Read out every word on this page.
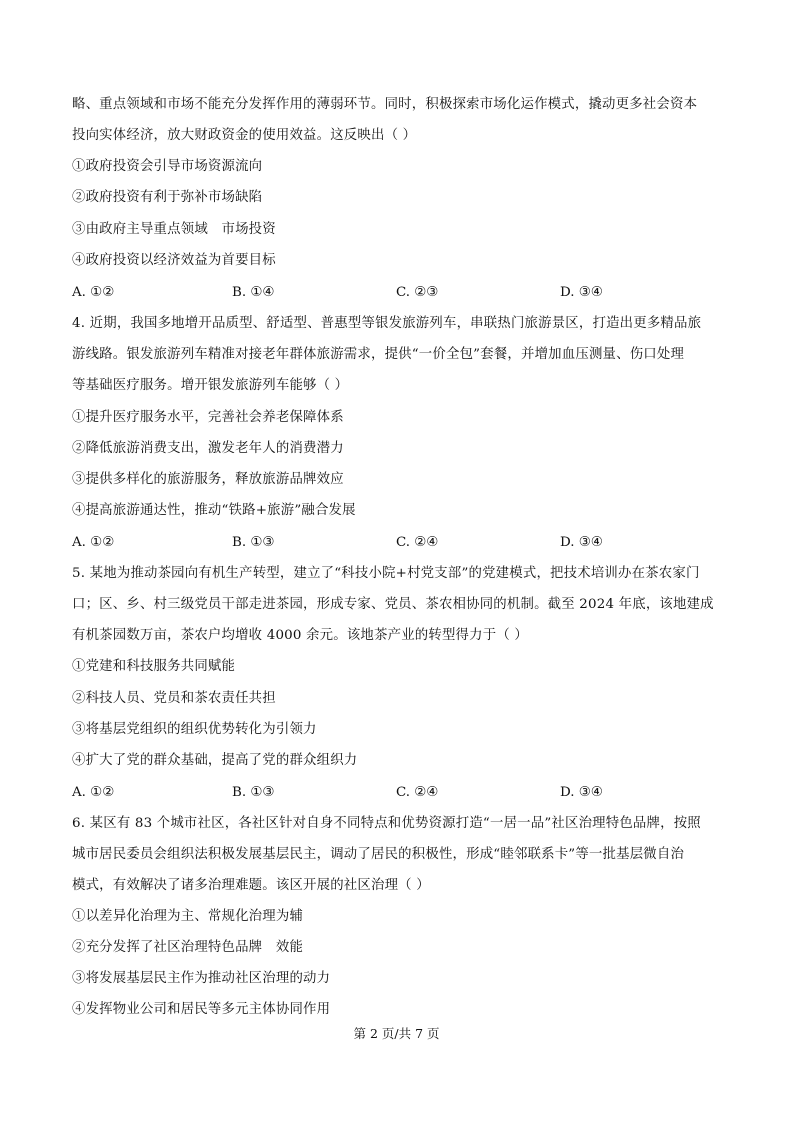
略、重点领域和市场不能充分发挥作用的薄弱环节。同时，积极探索市场化运作模式，撬动更多社会资本
投向实体经济，放大财政资金的使用效益。这反映出（ ）
①政府投资会引导市场资源流向
②政府投资有利于弥补市场缺陷
③由政府主导重点领域　市场投资
④政府投资以经济效益为首要目标
A. ①②	B. ①④	C. ②③	D. ③④
4. 近期，我国多地增开品质型、舒适型、普惠型等银发旅游列车，串联热门旅游景区，打造出更多精品旅
游线路。银发旅游列车精准对接老年群体旅游需求，提供“一价全包”套餐，并增加血压测量、伤口处理
等基础医疗服务。增开银发旅游列车能够（ ）
①提升医疗服务水平，完善社会养老保障体系
②降低旅游消费支出，激发老年人的消费潜力
③提供多样化的旅游服务，释放旅游品牌效应
④提高旅游通达性，推动“铁路+旅游”融合发展
A. ①②	B. ①③	C. ②④	D. ③④
5. 某地为推动茶园向有机生产转型，建立了“科技小院+村党支部”的党建模式，把技术培训办在茶农家门
口；区、乡、村三级党员干部走进茶园，形成专家、党员、茶农相协同的机制。截至 2024 年底，该地建成
有机茶园数万亩，茶农户均增收 4000 余元。该地茶产业的转型得力于（ ）
①党建和科技服务共同赋能
②科技人员、党员和茶农责任共担
③将基层党组织的组织优势转化为引领力
④扩大了党的群众基础，提高了党的群众组织力
A. ①②	B. ①③	C. ②④	D. ③④
6. 某区有 83 个城市社区，各社区针对自身不同特点和优势资源打造“一居一品”社区治理特色品牌，按照
城市居民委员会组织法积极发展基层民主，调动了居民的积极性，形成“睦邻联系卡”等一批基层微自治
模式，有效解决了诸多治理难题。该区开展的社区治理（ ）
①以差异化治理为主、常规化治理为辅
②充分发挥了社区治理特色品牌　效能
③将发展基层民主作为推动社区治理的动力
④发挥物业公司和居民等多元主体协同作用
第 2 页/共 7 页
